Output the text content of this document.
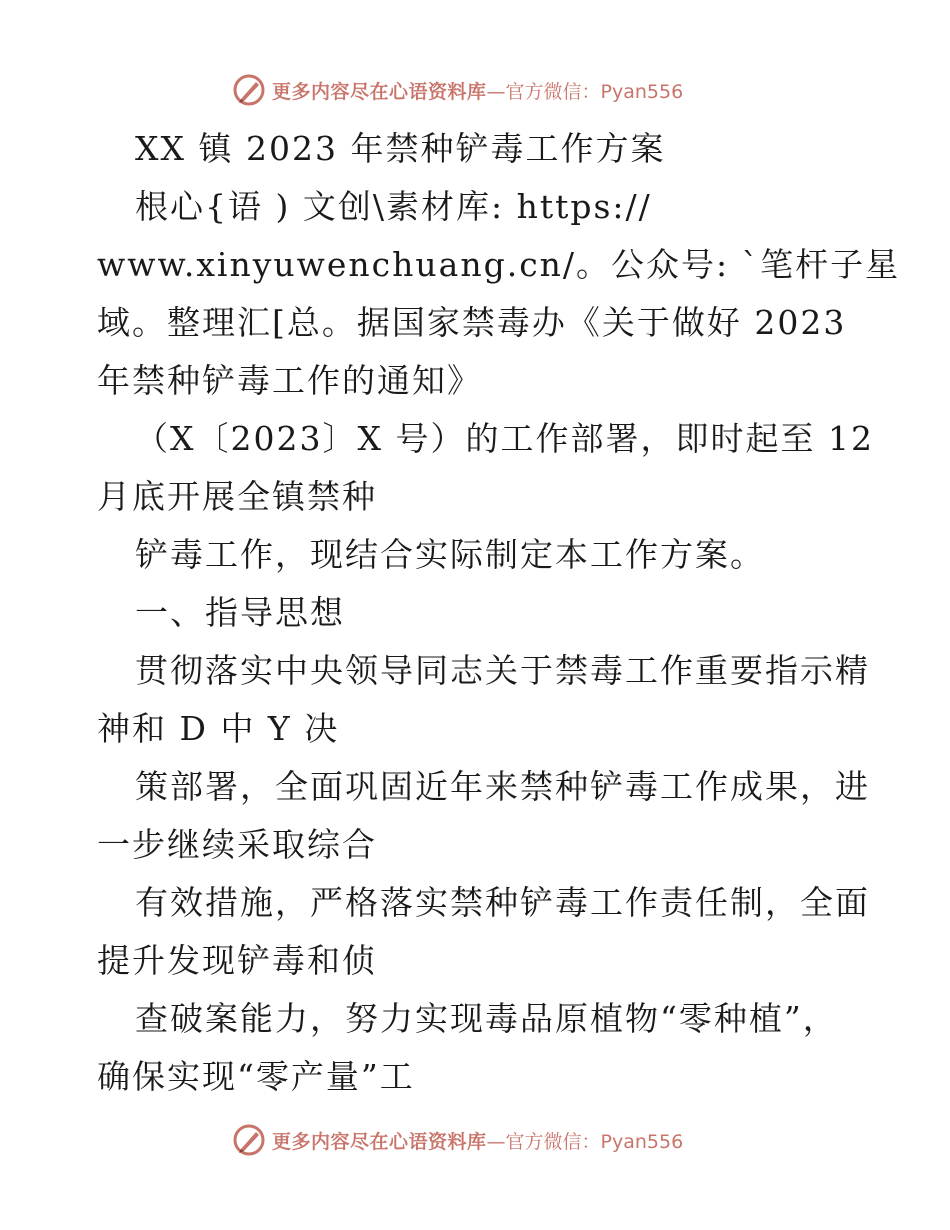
更多内容尽在心语资料库 —官方微信：Pyan556
XX 镇 2023 年禁种铲毒工作方案
根心{语 ) 文创\素材库: https://
www.xinyuwenchuang.cn/。公众号: `笔杆子星
域。整理汇[总。据国家禁毒办《关于做好 2023
年禁种铲毒工作的通知》
（X〔2023〕X 号）的工作部署，即时起至 12
月底开展全镇禁种
铲毒工作，现结合实际制定本工作方案。
一、指导思想
贯彻落实中央领导同志关于禁毒工作重要指示精
神和 D 中 Y 决
策部署，全面巩固近年来禁种铲毒工作成果，进
一步继续采取综合
有效措施，严格落实禁种铲毒工作责任制，全面
提升发现铲毒和侦
查破案能力，努力实现毒品原植物“零种植”，
确保实现“零产量”工
更多内容尽在心语资料库 —官方微信：Pyan556
